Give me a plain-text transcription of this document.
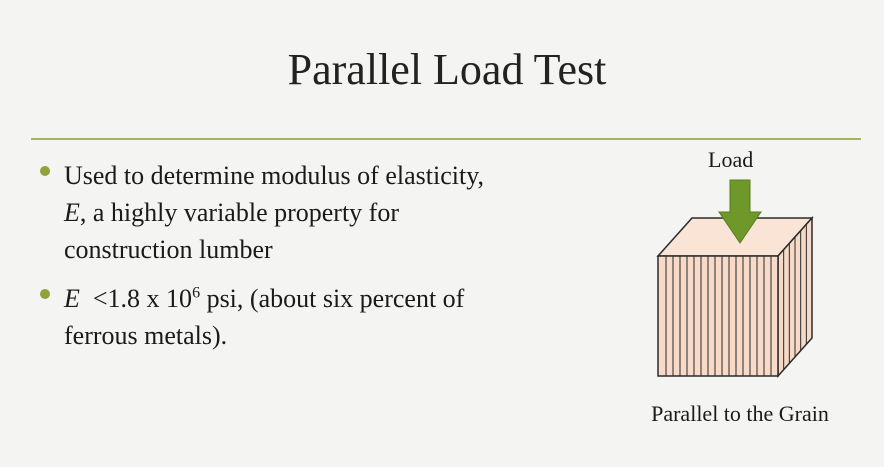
Parallel Load Test
Used to determine modulus of elasticity,
E, a highly variable property for
construction lumber
E <1.8 x $10^6$ psi, (about six percent of
ferrous metals).
Load
Parallel to the Grain
